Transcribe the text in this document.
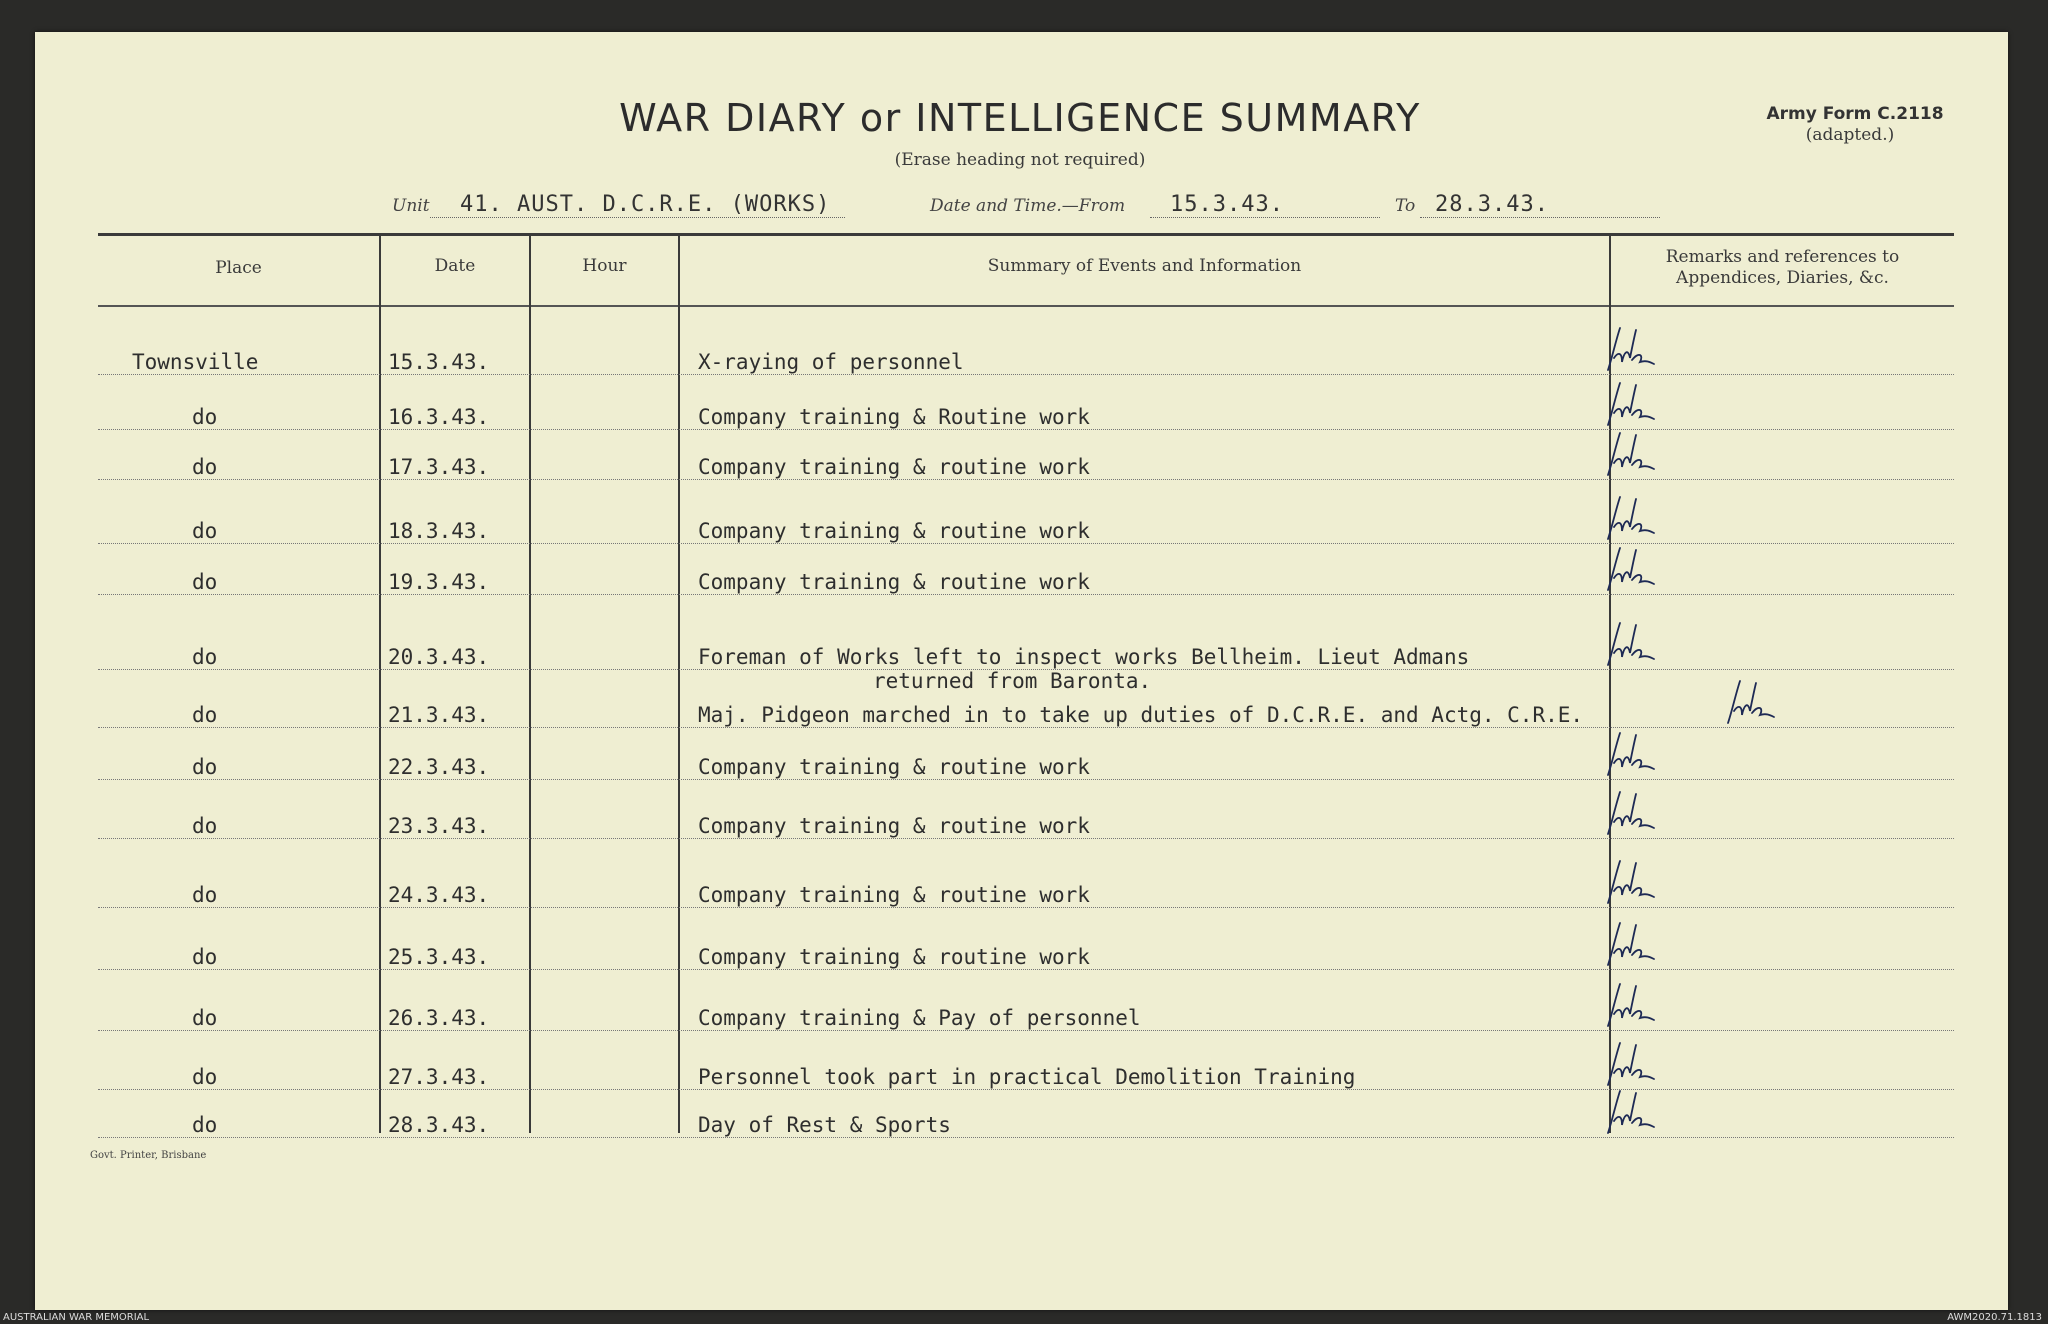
WAR DIARY or INTELLIGENCE SUMMARY
(Erase heading not required)
Army Form C.2118
(adapted.)
Unit 41. AUST. D.C.R.E. (WORKS)	Date and Time.—From 15.3.43.	To 28.3.43.
Place	Date	Hour	Summary of Events and Information	Remarks and references to
Appendices, Diaries, &c.
Townsville	15.3.43.	X-raying of personnel
do	16.3.43.	Company training & Routine work
do	17.3.43.	Company training & routine work
do	18.3.43.	Company training & routine work
do	19.3.43.	Company training & routine work
do	20.3.43.	Foreman of Works left to inspect works Bellheim. Lieut Admans
returned from Baronta.
do	21.3.43.	Maj. Pidgeon marched in to take up duties of D.C.R.E. and Actg. C.R.E.
do	22.3.43.	Company training & routine work
do	23.3.43.	Company training & routine work
do	24.3.43.	Company training & routine work
do	25.3.43.	Company training & routine work
do	26.3.43.	Company training & Pay of personnel
do	27.3.43.	Personnel took part in practical Demolition Training
do	28.3.43.	Day of Rest & Sports
Govt. Printer, Brisbane
AUSTRALIAN WAR MEMORIAL	AWM2020.71.1813
